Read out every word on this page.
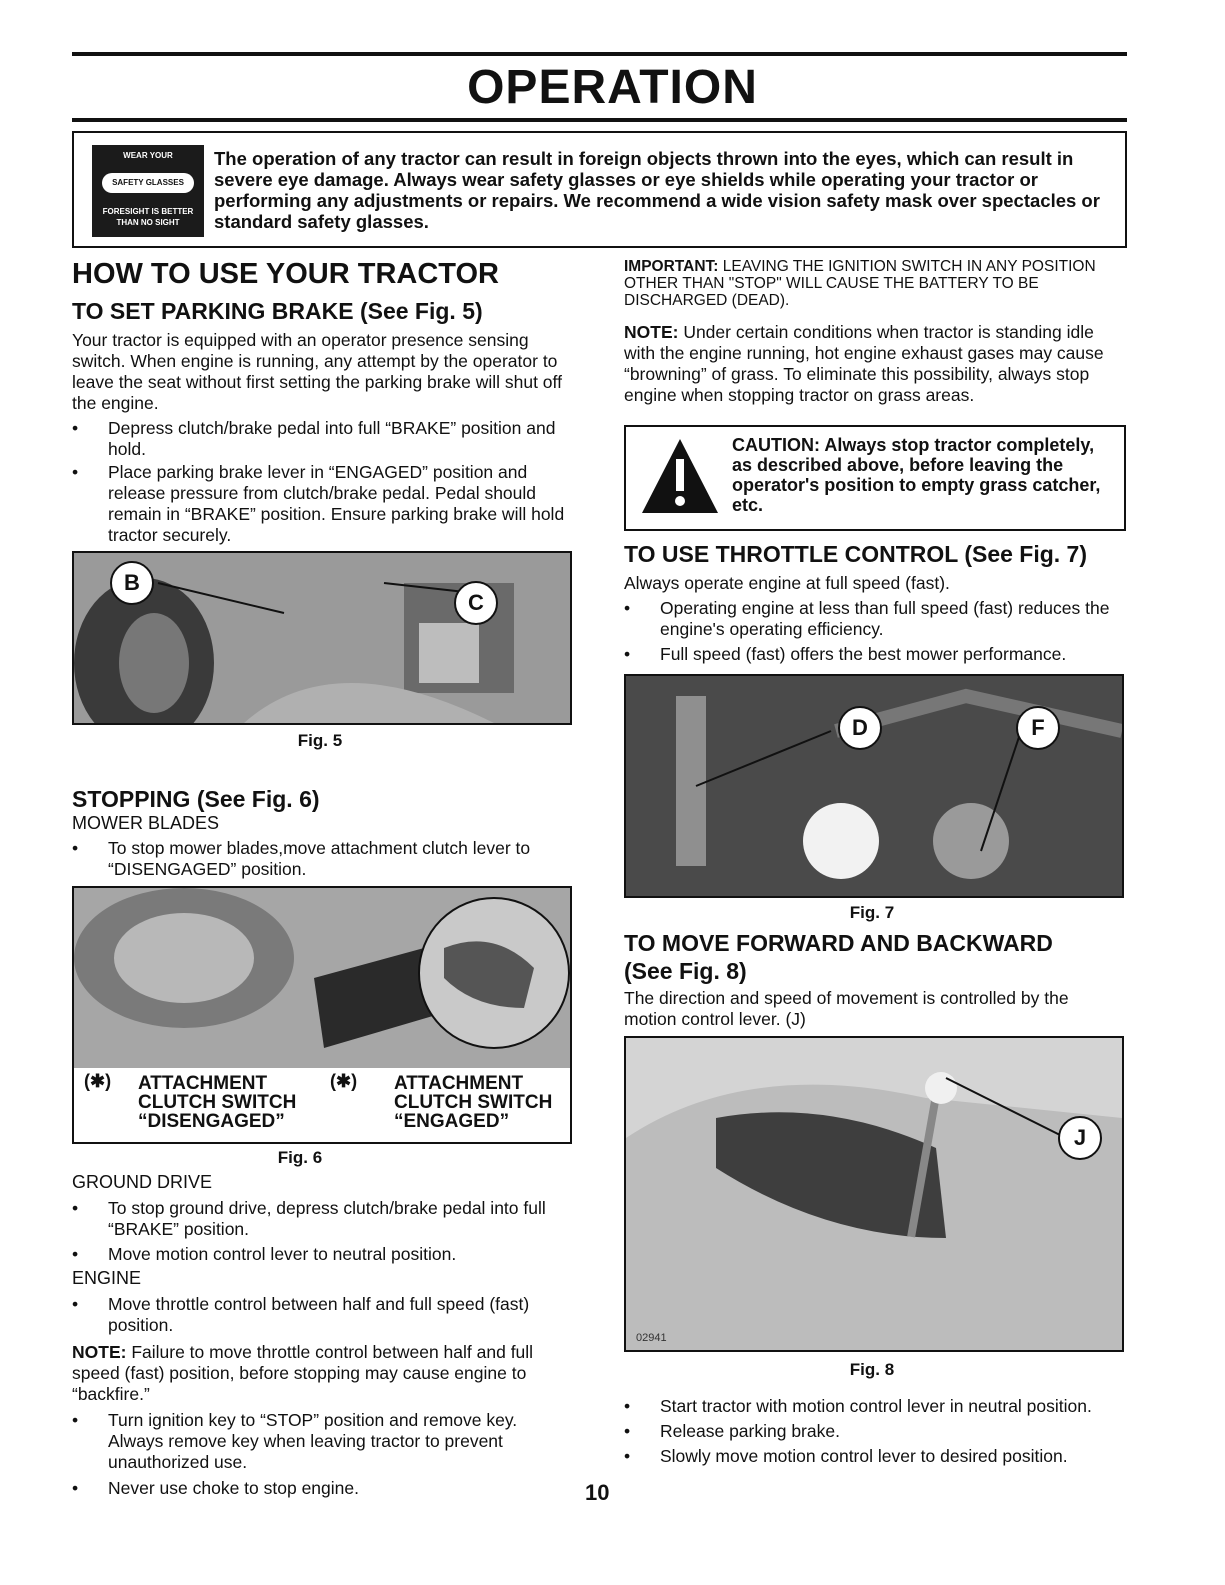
OPERATION
WEAR YOUR
SAFETY GLASSES
FORESIGHT IS BETTER
THAN NO SIGHT
The operation of any tractor can result in foreign objects thrown into the eyes, which can result in severe eye damage. Always wear safety glasses or eye shields while operating your tractor or performing any adjustments or repairs. We recommend a wide vision safety mask over spectacles or standard safety glasses.
HOW TO USE YOUR TRACTOR
TO SET PARKING BRAKE (See Fig. 5)

Your tractor is equipped with an operator presence sensing switch. When engine is running, any attempt by the operator to leave the seat without first setting the parking brake will shut off the engine.

• Depress clutch/brake pedal into full “BRAKE” position and hold.
• Place parking brake lever in “ENGAGED” position and release pressure from clutch/brake pedal. Pedal should remain in “BRAKE” position. Ensure parking brake will hold tractor securely.
B
C
Fig. 5
STOPPING (See Fig. 6)
MOWER BLADES
• To stop mower blades,move attachment clutch lever to “DISENGAGED” position.
ATTACHMENT
CLUTCH SWITCH
“DISENGAGED”
(✱)	ATTACHMENT
CLUTCH SWITCH
“ENGAGED”
(✱)
Fig. 6
GROUND DRIVE
• To stop ground drive, depress clutch/brake pedal into full “BRAKE” position.
• Move motion control lever to neutral position.
ENGINE
• Move throttle control between half and full speed (fast) position.

NOTE: Failure to move throttle control between half and full speed (fast) position, before stopping may cause engine to “backfire.”

• Turn ignition key to “STOP” position and remove key. Always remove key when leaving tractor to prevent unauthorized use.
• Never use choke to stop engine.

IMPORTANT: LEAVING THE IGNITION SWITCH IN ANY POSITION OTHER THAN "STOP" WILL CAUSE THE BATTERY TO BE DISCHARGED (DEAD).

NOTE: Under certain conditions when tractor is standing idle with the engine running, hot engine exhaust gases may cause “browning” of grass. To eliminate this possibility, always stop engine when stopping tractor on grass areas.

CAUTION: Always stop tractor completely, as described above, before leaving the operator's position to empty grass catcher, etc.
TO USE THROTTLE CONTROL (See Fig. 7)

Always operate engine at full speed (fast).

• Operating engine at less than full speed (fast) reduces the engine's operating efficiency.
• Full speed (fast) offers the best mower performance.
D	F
Fig. 7
TO MOVE FORWARD AND BACKWARD
(See Fig. 8)

The direction and speed of movement is controlled by the motion control lever. (J)

J
02941
Fig. 8
• Start tractor with motion control lever in neutral position.
• Release parking brake.
• Slowly move motion control lever to desired position.
10
